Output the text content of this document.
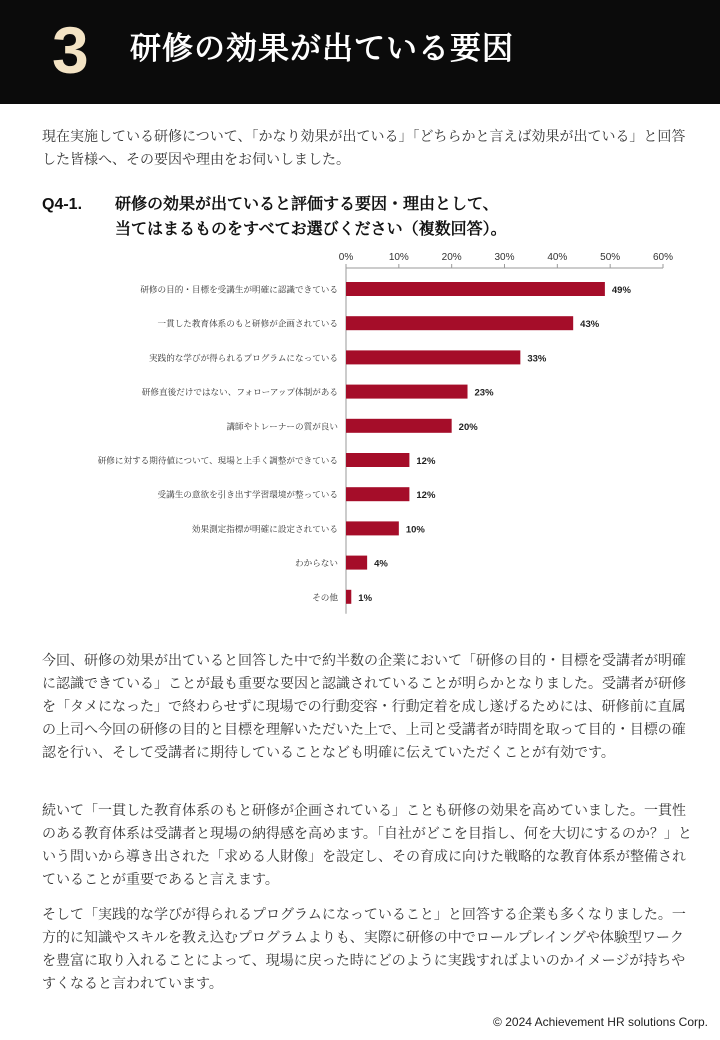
3 研修の効果が出ている要因
現在実施している研修について、「かなり効果が出ている」「どちらかと言えば効果が出ている」と回答した皆様へ、その要因や理由をお伺いしました。
Q4-1. 研修の効果が出ていると評価する要因・理由として、
当てはまるものをすべてお選びください（複数回答）。
0%	10%	20%	30%	40%	50%	60%
研修の目的・目標を受講生が明確に認識できている	49%
一貫した教育体系のもと研修が企画されている	43%
実践的な学びが得られるプログラムになっている	33%
研修直後だけではない、フォローアップ体制がある	23%
講師やトレーナーの質が良い	20%
研修に対する期待値について、現場と上手く調整ができている	12%
受講生の意欲を引き出す学習環境が整っている	12%
効果測定指標が明確に設定されている	10%
わからない	4%
その他 1%

今回、研修の効果が出ていると回答した中で約半数の企業において「研修の目的・目標を受講者が明確に認識できている」ことが最も重要な要因と認識されていることが明らかとなりました。受講者が研修を「タメになった」で終わらせずに現場での行動変容・行動定着を成し遂げるためには、研修前に直属の上司へ今回の研修の目的と目標を理解いただいた上で、上司と受講者が時間を取って目的・目標の確認を行い、そして受講者に期待していることなども明確に伝えていただくことが有効です。

続いて「一貫した教育体系のもと研修が企画されている」ことも研修の効果を高めていました。一貫性のある教育体系は受講者と現場の納得感を高めます。「自社がどこを目指し、何を大切にするのか？」という問いから導き出された「求める人財像」を設定し、その育成に向けた戦略的な教育体系が整備されていることが重要であると言えます。

そして「実践的な学びが得られるプログラムになっていること」と回答する企業も多くなりました。一方的に知識やスキルを教え込むプログラムよりも、実際に研修の中でロールプレイングや体験型ワークを豊富に取り入れることによって、現場に戻った時にどのように実践すればよいのかイメージが持ちやすくなると言われています。

© 2024 Achievement HR solutions Corp.
